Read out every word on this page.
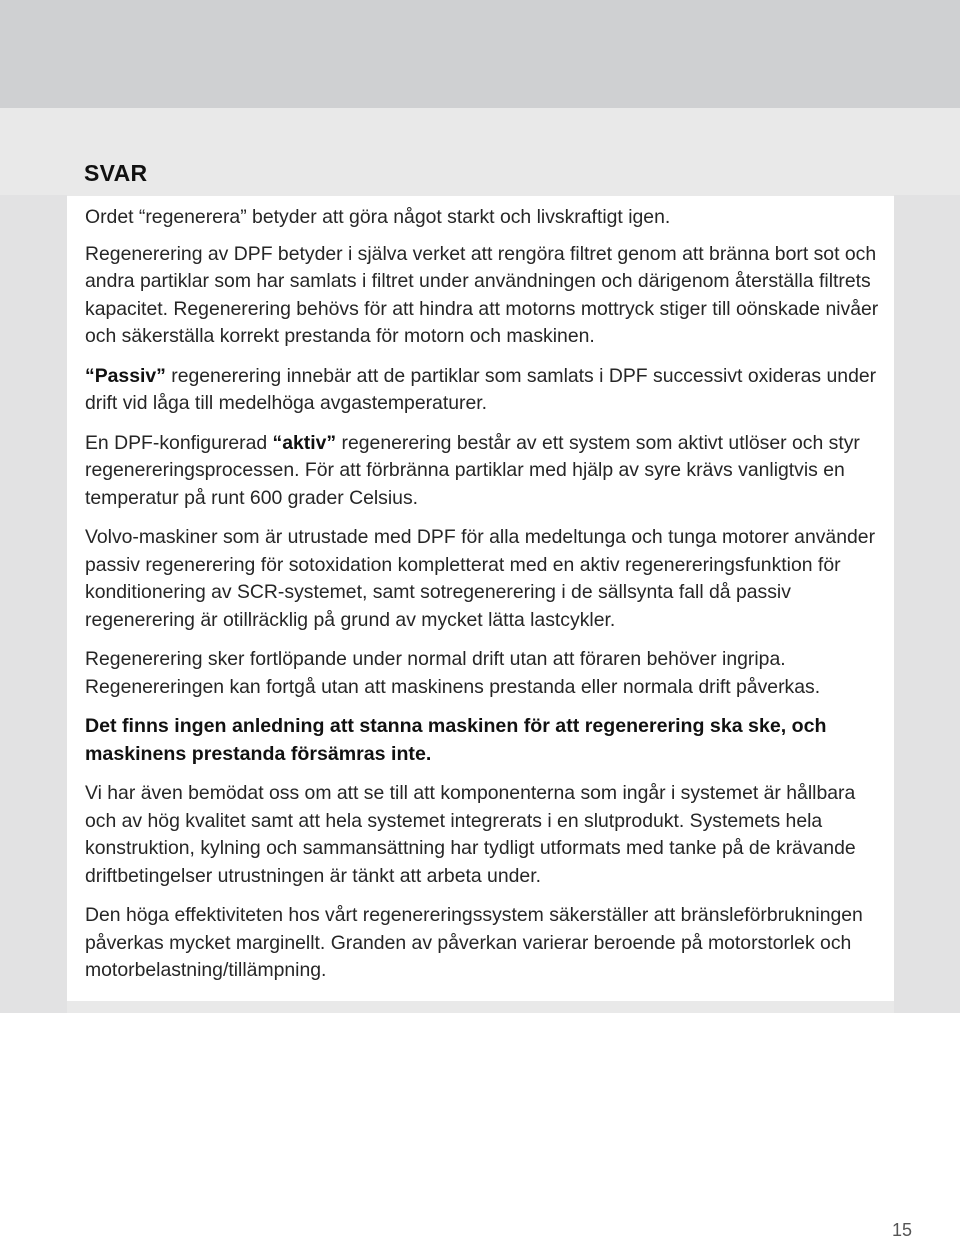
SVAR

Ordet “regenerera” betyder att göra något starkt och livskraftigt igen.

Regenerering av DPF betyder i själva verket att rengöra filtret genom att bränna bort sot och andra partiklar som har samlats i filtret under användningen och därigenom återställa filtrets kapacitet. Regenerering behövs för att hindra att motorns mottryck stiger till oönskade nivåer och säkerställa korrekt prestanda för motorn och maskinen.

“Passiv” regenerering innebär att de partiklar som samlats i DPF successivt oxideras under drift vid låga till medelhöga avgastemperaturer.

En DPF-konfigurerad “aktiv” regenerering består av ett system som aktivt utlöser och styr regenereringsprocessen. För att förbränna partiklar med hjälp av syre krävs vanligtvis en temperatur på runt 600 grader Celsius.

Volvo-maskiner som är utrustade med DPF för alla medeltunga och tunga motorer använder passiv regenerering för sotoxidation kompletterat med en aktiv regenereringsfunktion för konditionering av SCR-systemet, samt sotregenerering i de sällsynta fall då passiv regenerering är otillräcklig på grund av mycket lätta lastcykler.

Regenerering sker fortlöpande under normal drift utan att föraren behöver ingripa. Regenereringen kan fortgå utan att maskinens prestanda eller normala drift påverkas.

Det finns ingen anledning att stanna maskinen för att regenerering ska ske, och maskinens prestanda försämras inte.

Vi har även bemödat oss om att se till att komponenterna som ingår i systemet är hållbara och av hög kvalitet samt att hela systemet integrerats i en slutprodukt. Systemets hela konstruktion, kylning och sammansättning har tydligt utformats med tanke på de krävande driftbetingelser utrustningen är tänkt att arbeta under.

Den höga effektiviteten hos vårt regenereringssystem säkerställer att bränsleförbrukningen påverkas mycket marginellt. Granden av påverkan varierar beroende på motorstorlek och motorbelastning/tillämpning.

15
